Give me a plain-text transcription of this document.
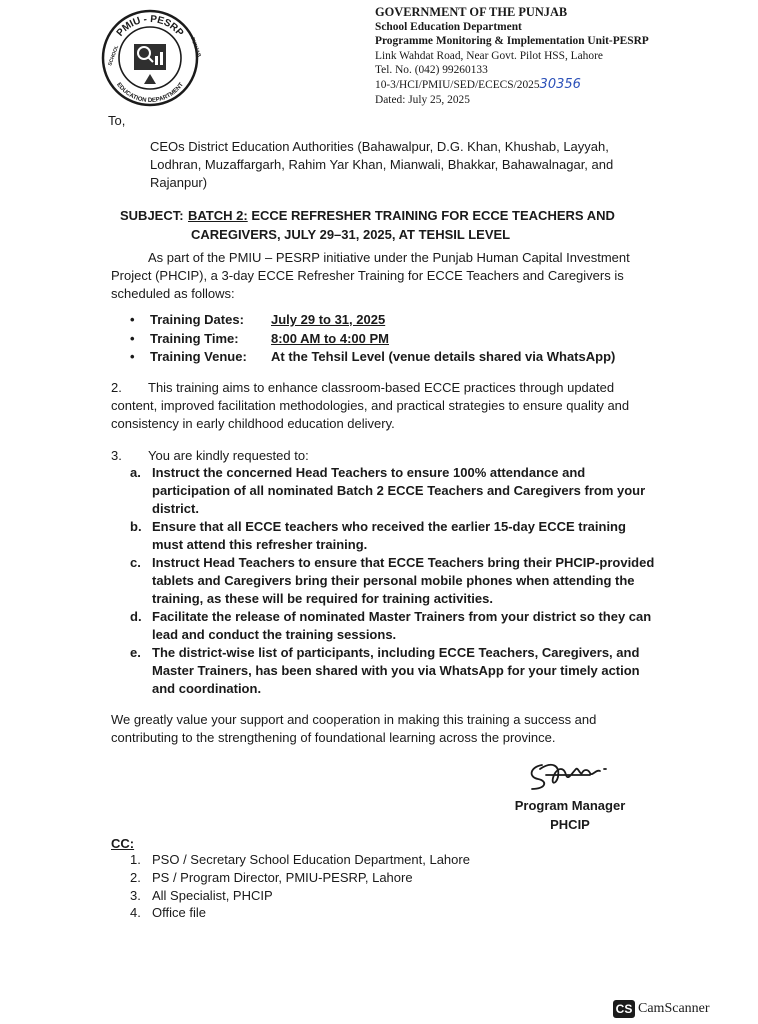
PMIU - PESRP
EDUCATION DEPARTMENT
SCHOOL	PUNJAB
GOVERNMENT OF THE PUNJAB
School Education Department
Programme Monitoring & Implementation Unit-PESRP
Link Wahdat Road, Near Govt. Pilot HSS, Lahore
Tel. No. (042) 99260133
10-3/HCI/PMIU/SED/ECECS/202530356
Dated: July 25, 2025
To,
CEOs District Education Authorities (Bahawalpur, D.G. Khan, Khushab, Layyah, Lodhran, Muzaffargarh, Rahim Yar Khan, Mianwali, Bhakkar, Bahawalnagar, and Rajanpur)
SUBJECT: BATCH 2: ECCE REFRESHER TRAINING FOR ECCE TEACHERS AND
CAREGIVERS, JULY 29–31, 2025, AT TEHSIL LEVEL
As part of the PMIU – PESRP initiative under the Punjab Human Capital Investment Project (PHCIP), a 3-day ECCE Refresher Training for ECCE Teachers and Caregivers is scheduled as follows:
•	Training Dates:	July 29 to 31, 2025
•	Training Time:	8:00 AM to 4:00 PM
•	Training Venue:	At the Tehsil Level (venue details shared via WhatsApp)
2. This training aims to enhance classroom-based ECCE practices through updated content, improved facilitation methodologies, and practical strategies to ensure quality and consistency in early childhood education delivery.
3. You are kindly requested to:
a. Instruct the concerned Head Teachers to ensure 100% attendance and participation of all nominated Batch 2 ECCE Teachers and Caregivers from your district.
b. Ensure that all ECCE teachers who received the earlier 15-day ECCE training must attend this refresher training.
c. Instruct Head Teachers to ensure that ECCE Teachers bring their PHCIP-provided tablets and Caregivers bring their personal mobile phones when attending the training, as these will be required for training activities.
d. Facilitate the release of nominated Master Trainers from your district so they can lead and conduct the training sessions.
e. The district-wise list of participants, including ECCE Teachers, Caregivers, and Master Trainers, has been shared with you via WhatsApp for your timely action and coordination.
We greatly value your support and cooperation in making this training a success and contributing to the strengthening of foundational learning across the province.
Program Manager
PHCIP
CC:
1. PSO / Secretary School Education Department, Lahore
2. PS / Program Director, PMIU-PESRP, Lahore
3. All Specialist, PHCIP
4. Office file
CS CamScanner
